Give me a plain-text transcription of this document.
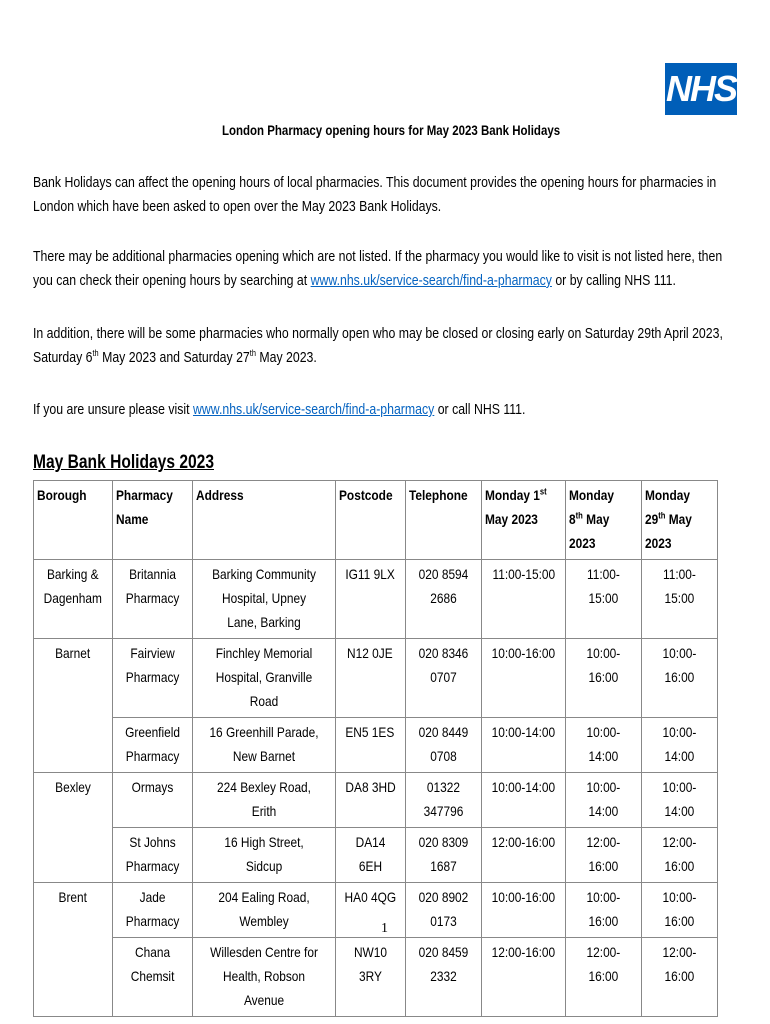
NHS
London Pharmacy opening hours for May 2023 Bank Holidays
Bank Holidays can affect the opening hours of local pharmacies. This document provides the opening hours for pharmacies in London which have been asked to open over the May 2023 Bank Holidays.
There may be additional pharmacies opening which are not listed. If the pharmacy you would like to visit is not listed here, then you can check their opening hours by searching at www.nhs.uk/service-search/find-a-pharmacy or by calling NHS 111.
In addition, there will be some pharmacies who normally open who may be closed or closing early on Saturday 29th April 2023, Saturday 6th May 2023 and Saturday 27th May 2023.
If you are unsure please visit www.nhs.uk/service-search/find-a-pharmacy or call NHS 111.
May Bank Holidays 2023
Borough	Pharmacy Name	Address	Postcode	Telephone	Monday 1st May 2023	Monday 8th May 2023	Monday 29th May 2023
Barking & Dagenham	Britannia Pharmacy	Barking Community Hospital, Upney Lane, Barking	IG11 9LX	020 8594 2686	11:00-15:00	11:00-15:00	11:00-15:00
Barnet	Fairview Pharmacy	Finchley Memorial Hospital, Granville Road	N12 0JE	020 8346 0707	10:00-16:00	10:00-16:00	10:00-16:00
	Greenfield Pharmacy	16 Greenhill Parade, New Barnet	EN5 1ES	020 8449 0708	10:00-14:00	10:00-14:00	10:00-14:00
Bexley	Ormays	224 Bexley Road, Erith	DA8 3HD	01322 347796	10:00-14:00	10:00-14:00	10:00-14:00
	St Johns Pharmacy	16 High Street, Sidcup	DA14 6EH	020 8309 1687	12:00-16:00	12:00-16:00	12:00-16:00
Brent	Jade Pharmacy	204 Ealing Road, Wembley	HA0 4QG	020 8902 0173	10:00-16:00	10:00-16:00	10:00-16:00
	Chana Chemsit	Willesden Centre for Health, Robson Avenue	NW10 3RY	020 8459 2332	12:00-16:00	12:00-16:00	12:00-16:00
1
